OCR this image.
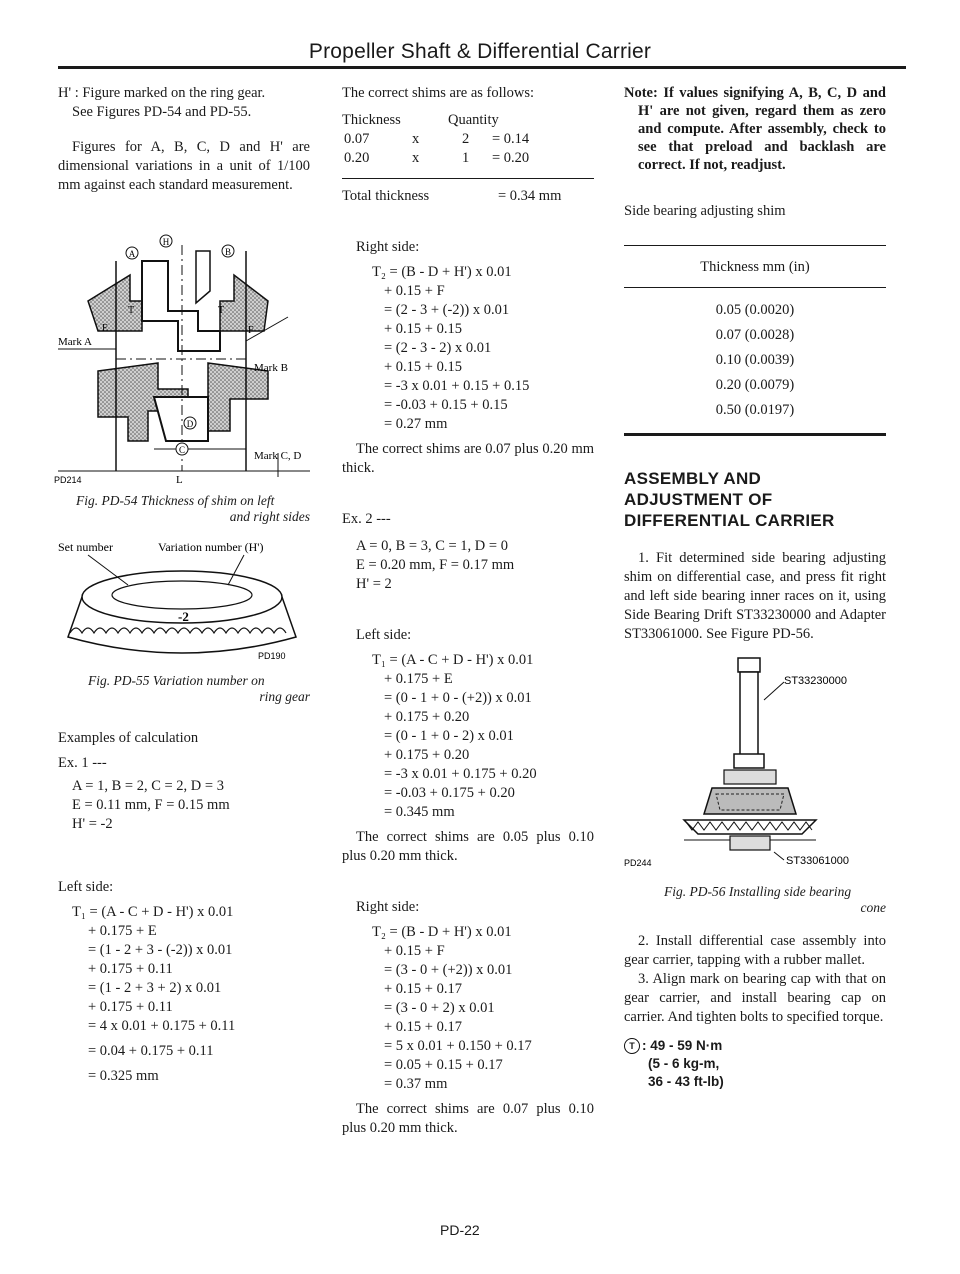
Propeller Shaft & Differential Carrier

H' : Figure marked on the ring gear.

See Figures PD-54 and PD-55.

Figures for A, B, C, D and H' are dimensional variations in a unit of 1/100 mm against each standard measurement.

A
H
B
D
C
T	T
E	F
Mark A
Mark B
Mark C, D
L
PD214
Fig. PD-54 Thickness of shim on left
and right sides
Set number	Variation number (H')
-2
PD190
Fig. PD-55 Variation number on
ring gear

Examples of calculation

Ex. 1 ---

A = 1, B = 2, C = 2, D = 3

E = 0.11 mm, F = 0.15 mm

H' = -2

Left side:

T₁ = (A - C + D - H') x 0.01

+ 0.175 + E

= (1 - 2 + 3 - (-2)) x 0.01

+ 0.175 + 0.11

= (1 - 2 + 3 + 2) x 0.01

+ 0.175 + 0.11

= 4 x 0.01 + 0.175 + 0.11

= 0.04 + 0.175 + 0.11

= 0.325 mm

The correct shims are as follows:

Thickness	Quantity
0.07	x	2	= 0.14
0.20	x	1	= 0.20
Total thickness	= 0.34 mm

Right side:

T₂ = (B - D + H') x 0.01

+ 0.15 + F

= (2 - 3 + (-2)) x 0.01

+ 0.15 + 0.15

= (2 - 3 - 2) x 0.01

+ 0.15 + 0.15

= -3 x 0.01 + 0.15 + 0.15

= -0.03 + 0.15 + 0.15

= 0.27 mm

The correct shims are 0.07 plus 0.20 mm thick.

Ex. 2 ---

A = 0, B = 3, C = 1, D = 0

E = 0.20 mm, F = 0.17 mm

H' = 2

Left side:

T₁ = (A - C + D - H') x 0.01

+ 0.175 + E

= (0 - 1 + 0 - (+2)) x 0.01

+ 0.175 + 0.20

= (0 - 1 + 0 - 2) x 0.01

+ 0.175 + 0.20

= -3 x 0.01 + 0.175 + 0.20

= -0.03 + 0.175 + 0.20

= 0.345 mm

The correct shims are 0.05 plus 0.10 plus 0.20 mm thick.

Right side:

T₂ = (B - D + H') x 0.01

+ 0.15 + F

= (3 - 0 + (+2)) x 0.01

+ 0.15 + 0.17

= (3 - 0 + 2) x 0.01

+ 0.15 + 0.17

= 5 x 0.01 + 0.150 + 0.17

= 0.05 + 0.15 + 0.17

= 0.37 mm

The correct shims are 0.07 plus 0.10 plus 0.20 mm thick.

Note: If values signifying A, B, C, D and H' are not given, regard them as zero and compute. After assembly, check to see that preload and backlash are correct. If not, readjust.

Side bearing adjusting shim

Thickness mm (in)

0.05 (0.0020)
0.07 (0.0028)
0.10 (0.0039)
0.20 (0.0079)
0.50 (0.0197)
ASSEMBLY AND
ADJUSTMENT OF
DIFFERENTIAL CARRIER

1. Fit determined side bearing adjusting shim on differential case, and press fit right and left side bearing inner races on it, using Side Bearing Drift ST33230000 and Adapter ST33061000. See Figure PD-56.

ST33230000
ST33061000
PD244
Fig. PD-56 Installing side bearing
cone

2. Install differential case assembly into gear carrier, tapping with a rubber mallet.

3. Align mark on bearing cap with that on gear carrier, and install bearing cap on carrier. And tighten bolts to specified torque.

T : 49 - 59 N·m
(5 - 6 kg-m,
36 - 43 ft-lb)
PD-22
